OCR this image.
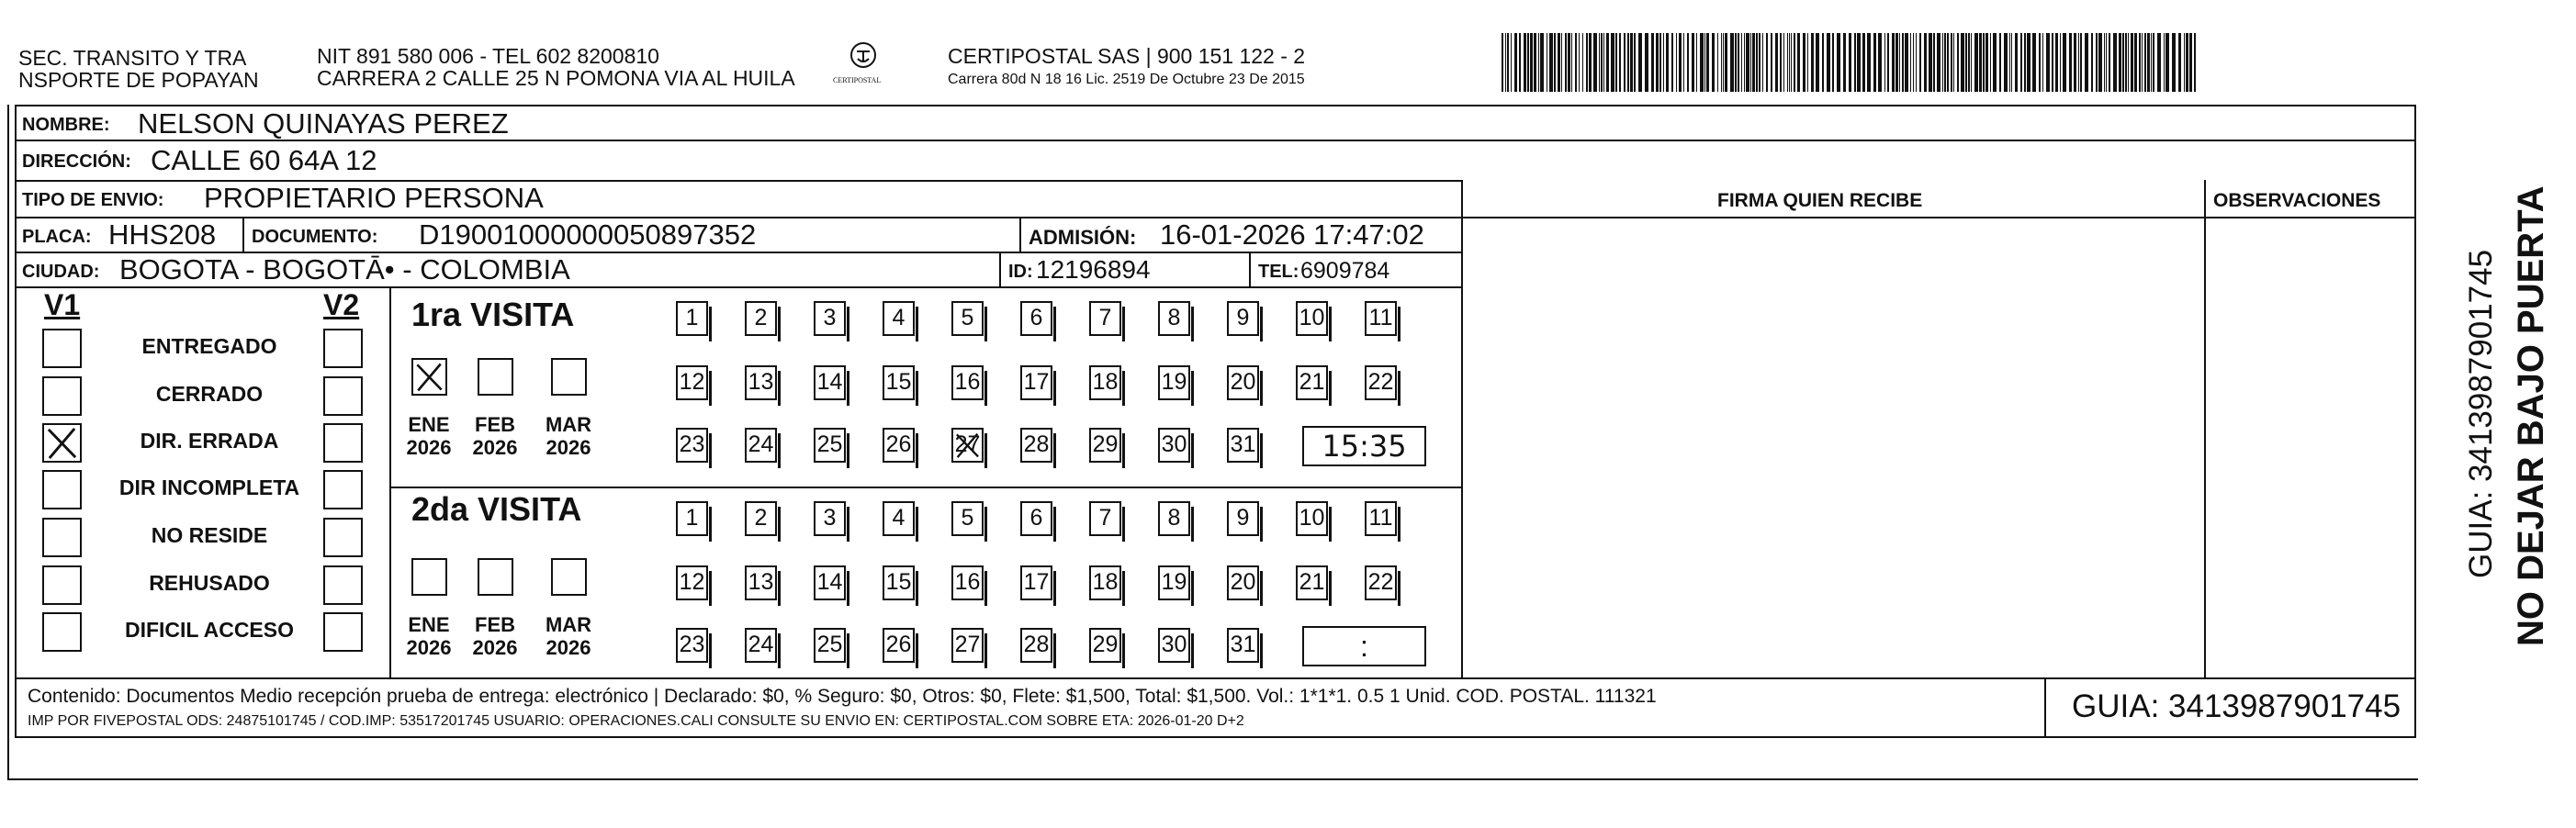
SEC. TRANSITO Y TRA
NSPORTE DE POPAYAN
NIT 891 580 006 - TEL 602 8200810
CARRERA 2 CALLE 25 N POMONA VIA AL HUILA	CERTIPOSTAL
CERTIPOSTAL SAS | 900 151 122 - 2
Carrera 80d N 18 16 Lic. 2519 De Octubre 23 De 2015
NOMBRE: NELSON QUINAYAS PEREZ
DIRECCIÓN: CALLE 60 64A 12
TIPO DE ENVIO: PROPIETARIO PERSONA	FIRMA QUIEN RECIBE	OBSERVACIONES
PLACA: HHS208 DOCUMENTO: D19001000000050897352	ADMISIÓN: 16-01-2026 17:47:02
CIUDAD: BOGOTA - BOGOTĀ• - COLOMBIA	ID: 12196894	TEL: 6909784
V1	V2
ENTREGADO
CERRADO
DIR. ERRADA
DIR INCOMPLETA
NO RESIDE
REHUSADO
DIFICIL ACCESO
1ra VISITA
2da VISITA
ENE
2026
FEB
2026
MAR
2026
1	2	3	4	5	6	7	8	9	10 11
12 13 14 15 16 17 18 19 20 21 22
23 24 25 26 27 28 29 30 31	15:35
ENE
2026
FEB
2026
MAR
2026
1	2	3	4	5	6	7	8	9	10 11
12 13 14 15 16 17 18 19 20 21 22
23 24 25 26 27 28 29 30 31	:
Contenido: Documentos Medio recepción prueba de entrega: electrónico | Declarado: $0, % Seguro: $0, Otros: $0, Flete: $1,500, Total: $1,500. Vol.: 1*1*1. 0.5 1 Unid. COD. POSTAL. 111321
IMP POR FIVEPOSTAL ODS: 24875101745 / COD.IMP: 53517201745 USUARIO: OPERACIONES.CALI CONSULTE SU ENVIO EN: CERTIPOSTAL.COM SOBRE ETA: 2026-01-20 D+2	GUIA: 3413987901745
NO DEJAR BAJO PUERTA
GUIA: 3413987901745
